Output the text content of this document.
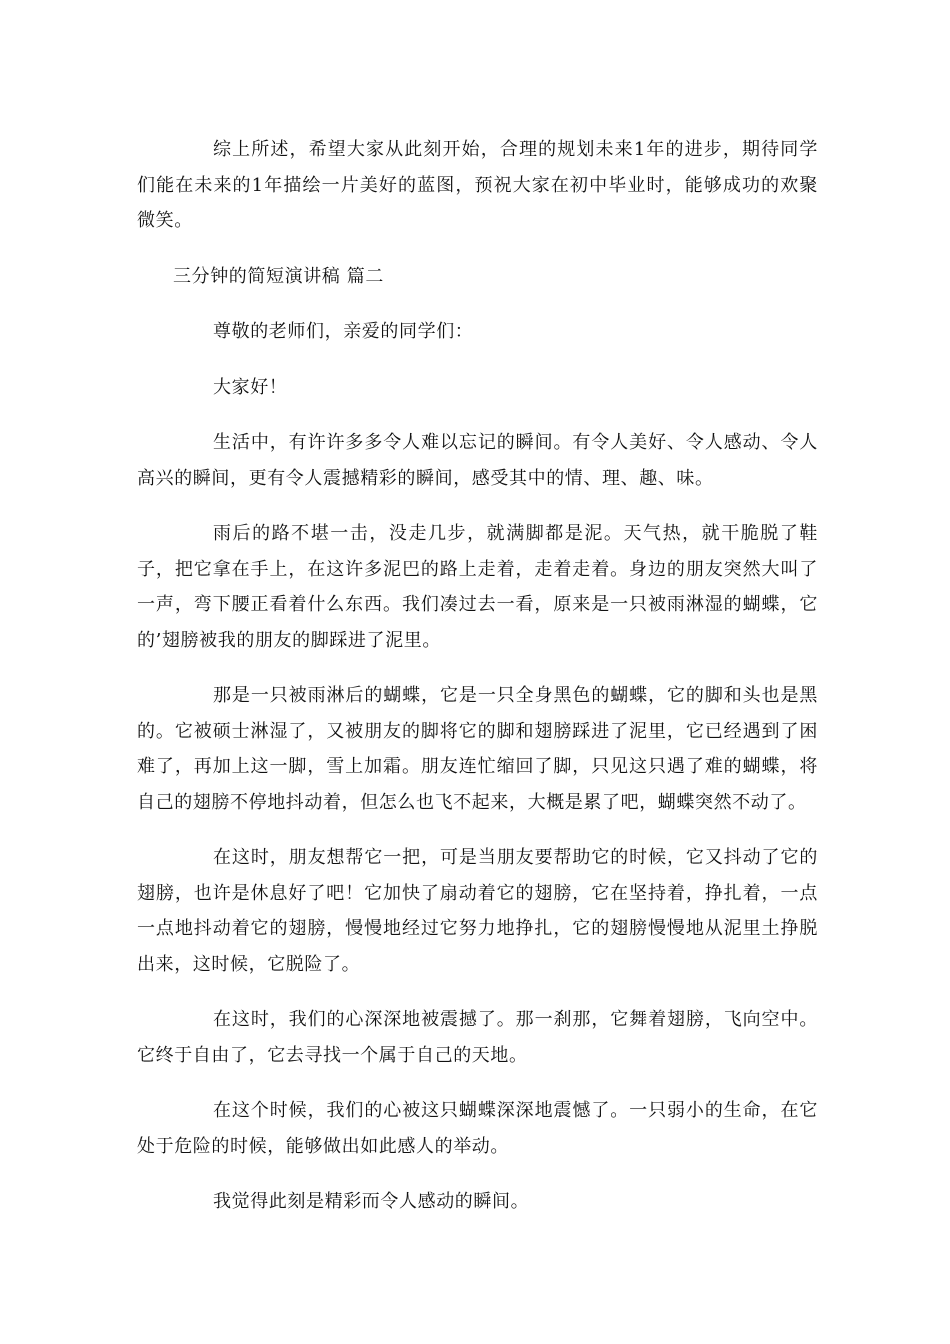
综上所述，希望大家从此刻开始，合理的规划未来1年的进步，期待同学们能在未来的1年描绘一片美好的蓝图，预祝大家在初中毕业时，能够成功的欢聚微笑。

三分钟的简短演讲稿 篇二

尊敬的老师们，亲爱的同学们：

大家好！

生活中，有许许多多令人难以忘记的瞬间。有令人美好、令人感动、令人高兴的瞬间，更有令人震撼精彩的瞬间，感受其中的情、理、趣、味。

雨后的路不堪一击，没走几步，就满脚都是泥。天气热，就干脆脱了鞋子，把它拿在手上，在这许多泥巴的路上走着，走着走着。身边的朋友突然大叫了一声，弯下腰正看着什么东西。我们凑过去一看，原来是一只被雨淋湿的蝴蝶，它的’翅膀被我的朋友的脚踩进了泥里。

那是一只被雨淋后的蝴蝶，它是一只全身黑色的蝴蝶，它的脚和头也是黑的。它被硕士淋湿了，又被朋友的脚将它的脚和翅膀踩进了泥里，它已经遇到了困难了，再加上这一脚，雪上加霜。朋友连忙缩回了脚，只见这只遇了难的蝴蝶，将自己的翅膀不停地抖动着，但怎么也飞不起来，大概是累了吧，蝴蝶突然不动了。

在这时，朋友想帮它一把，可是当朋友要帮助它的时候，它又抖动了它的翅膀，也许是休息好了吧！它加快了扇动着它的翅膀，它在坚持着，挣扎着，一点一点地抖动着它的翅膀，慢慢地经过它努力地挣扎，它的翅膀慢慢地从泥里土挣脱出来，这时候，它脱险了。

在这时，我们的心深深地被震撼了。那一刹那，它舞着翅膀，飞向空中。它终于自由了，它去寻找一个属于自己的天地。

在这个时候，我们的心被这只蝴蝶深深地震憾了。一只弱小的生命，在它处于危险的时候，能够做出如此感人的举动。

我觉得此刻是精彩而令人感动的瞬间。
